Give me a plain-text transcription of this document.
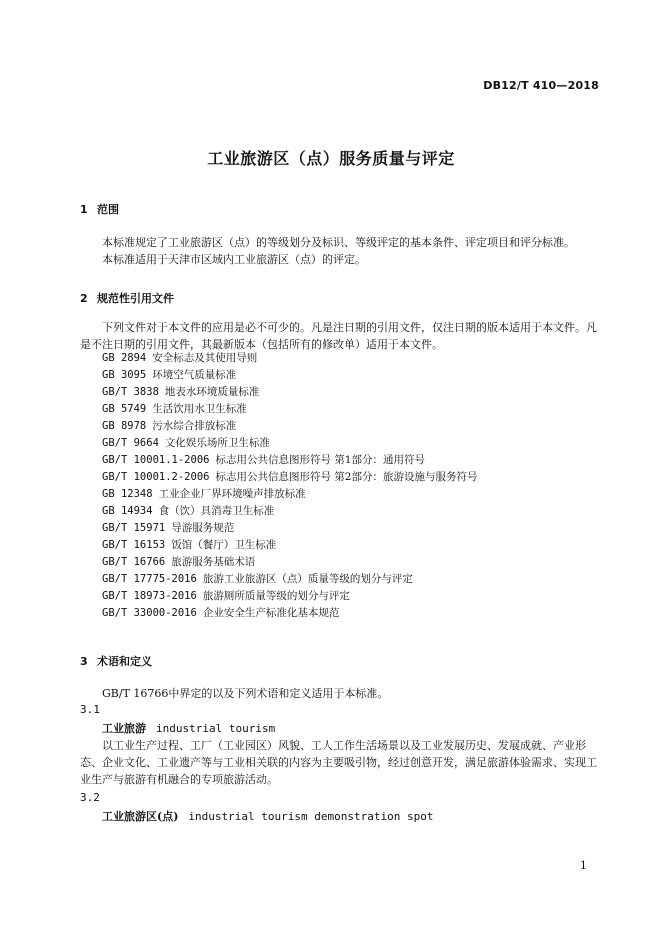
DB12/T 410—2018
工业旅游区（点）服务质量与评定
1 范围
本标准规定了工业旅游区（点）的等级划分及标识、等级评定的基本条件、评定项目和评分标准。
本标准适用于天津市区域内工业旅游区（点）的评定。
2 规范性引用文件
下列文件对于本文件的应用是必不可少的。凡是注日期的引用文件，仅注日期的版本适用于本文件。凡是不注日期的引用文件，其最新版本（包括所有的修改单）适用于本文件。
GB 2894 安全标志及其使用导则
GB 3095 环境空气质量标准
GB/T 3838 地表水环境质量标准
GB 5749 生活饮用水卫生标准
GB 8978 污水综合排放标准
GB/T 9664 文化娱乐场所卫生标准
GB/T 10001.1-2006 标志用公共信息图形符号 第1部分：通用符号
GB/T 10001.2-2006 标志用公共信息图形符号 第2部分：旅游设施与服务符号
GB 12348 工业企业厂界环境噪声排放标准
GB 14934 食（饮）具消毒卫生标准
GB/T 15971 导游服务规范
GB/T 16153 饭馆（餐厅）卫生标准
GB/T 16766 旅游服务基础术语
GB/T 17775-2016 旅游工业旅游区（点）质量等级的划分与评定
GB/T 18973-2016 旅游厕所质量等级的划分与评定
GB/T 33000-2016 企业安全生产标准化基本规范
3 术语和定义
GB/T 16766中界定的以及下列术语和定义适用于本标准。
3.1
工业旅游 industrial tourism
以工业生产过程、工厂（工业园区）风貌、工人工作生活场景以及工业发展历史、发展成就、产业形态、企业文化、工业遗产等与工业相关联的内容为主要吸引物，经过创意开发，满足旅游体验需求、实现工业生产与旅游有机融合的专项旅游活动。
3.2
工业旅游区(点) industrial tourism demonstration spot
1
